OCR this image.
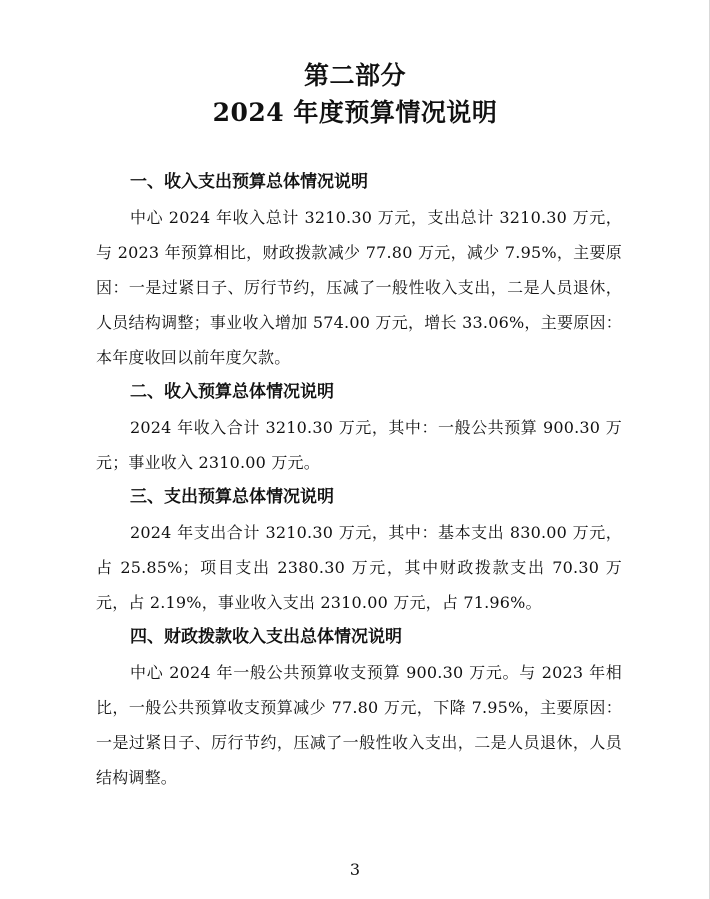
第二部分
2024 年度预算情况说明
一、收入支出预算总体情况说明

中心 2024 年收入总计 3210.30 万元，支出总计 3210.30 万元，与 2023 年预算相比，财政拨款减少 77.80 万元，减少 7.95%，主要原因：一是过紧日子、厉行节约，压减了一般性收入支出，二是人员退休，人员结构调整；事业收入增加 574.00 万元，增长 33.06%，主要原因：本年度收回以前年度欠款。

二、收入预算总体情况说明

2024 年收入合计 3210.30 万元，其中：一般公共预算 900.30 万元；事业收入 2310.00 万元。

三、支出预算总体情况说明

2024 年支出合计 3210.30 万元，其中：基本支出 830.00 万元，占 25.85%；项目支出 2380.30 万元，其中财政拨款支出 70.30 万元，占 2.19%，事业收入支出 2310.00 万元，占 71.96%。

四、财政拨款收入支出总体情况说明

中心 2024 年一般公共预算收支预算 900.30 万元。与 2023 年相比，一般公共预算收支预算减少 77.80 万元，下降 7.95%，主要原因：一是过紧日子、厉行节约，压减了一般性收入支出，二是人员退休，人员结构调整。

3
